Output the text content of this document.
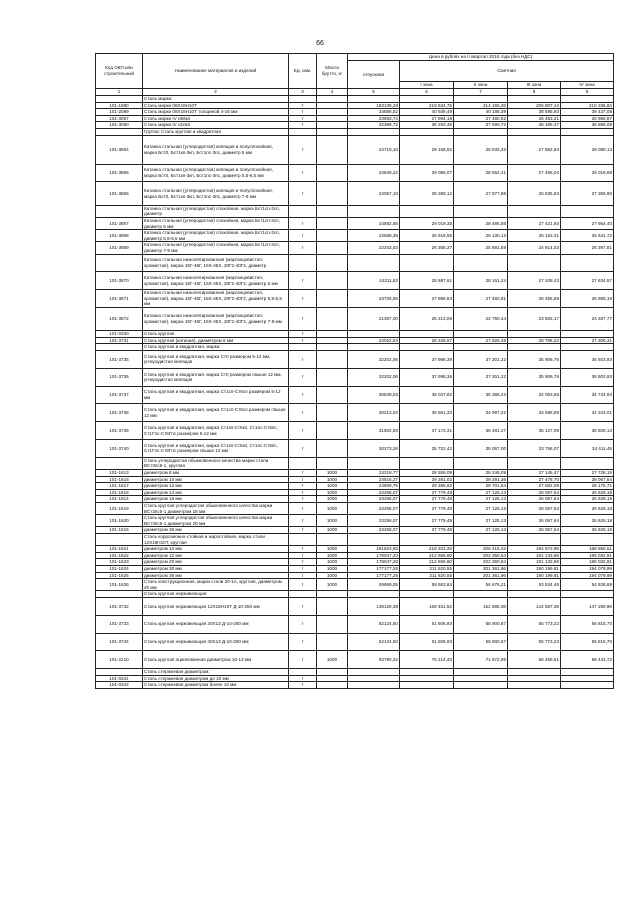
66
Код ОКП или строительный	Наименование материалов и изделий	Ед. изм.	Масса брутто, кг	Цена в рублях на II квартал 2016 года (без НДС)				
				отпускная	Сметная			
					I зона	II зона	III зона	IV зона
1	2	3	4	5	6	7	8	9
	Сталь марки:							
101-1890	Сталь марки 08Х18Н10Т	т		183139,28	219 534,75	214 155,26	205 807,14	210 336,84
101-2089	Сталь марки 08Х18Н10Т толщиной 4-16 мм	т		34686,52	40 939,49	40 186,39	38 595,93	39 437,08
101-3067	Сталь марки IV н56кп	т		23683,74	27 994,18	27 480,52	26 453,21	26 966,87
101-3090	Сталь марки IV н10кп	т		32389,72	38 293,35	37 590,72	36 185,47	36 888,09
	Группа: Сталь круглая и квадратная							
101-3864	Катанка стальная (углеродистая) кипящая и полуспокойная, марка Бст0, Бст1кп-3кп, Бст1пс-3пс, диаметр 5 мм	т		24719,10	29 168,52	28 633,33	27 562,94	28 098,13
101-3865	Катанка стальная (углеродистая) кипящая и полуспокойная, марка Бст0, Бст1кп-3кп, Бст1пс-3пс, диаметр 5,5-6,5 мм	т		24649,22	29 086,07	28 552,41	27 485,04	28 018,69
101-3866	Катанка стальная (углеродистая) кипящая и полуспокойная, марка Бст0, Бст1кп-3кп, Бст1пс-3пс, диаметр 7-9 мм	т		24067,10	28 399,12	27 877,98	26 835,83	27 356,90
	Катанка стальная (углеродистая) спокойная, марка Бст1сп-3сп, диаметр							
101-3867	Катанка стальная (углеродистая) спокойная, марка Бст1сп-3сп, диаметр 5 мм	т		24592,66	29 019,35	28 486,88	27 421,93	27 954,40
101-3868	Катанка стальная (углеродистая) спокойная, марка Бст1сп-3сп, диаметр 5,5-6,5 мм	т		22558,39	26 618,55	26 130,13	25 153,31	25 641,72
101-3869	Катанка стальная (углеродистая) спокойная, марка Бст1сп-3сп, диаметр 7-9 мм	т		22343,53	26 365,37	25 881,59	24 914,03	25 397,81
	Катанка стальная низколегированная (марганцовистая, хромистая), марка 15Г-45Г, 15Х-45Х, 20Г2-40Г2, диаметр							
101-3870	Катанка стальная низколегированная (марганцовистая, хромистая), марка 15Г-45Г, 15Х-45Х, 20Г2-40Г2, диаметр 5 мм	т		24311,53	28 687,61	28 161,24	27 108,43	27 634,87
101-3871	Катанка стальная низколегированная (марганцовистая, хромистая), марка 15Г-45Г, 15Х-45Х, 20Г2-40Г2, диаметр 5,5-6,5 мм	т		23725,95	27 996,63	27 482,91	26 455,55	26 969,19
101-3872	Катанка стальная низколегированная (марганцовистая, хромистая), марка 15Г-45Г, 15Х-45Х, 20Г2-40Г2, диаметр 7-9 мм	т		21367,00	25 213,09	24 750,44	23 825,17	24 287,77
101-0340	Сталь круглая	т						
101-3731	Сталь круглая (катаная), диаметром 8 мм	т		24022,54	28 346,57	27 826,48	26 786,22	27 306,31
	Сталь круглая и квадратная, марки:							
101-3735	Сталь круглая и квадратная, марка Ст0 размером 5-12 мм, углеродистая кипящая	т		32202,06	37 998,39	37 301,22	35 906,76	36 603,93
101-3736	Сталь круглая и квадратная, марка Ст0 размером свыше 12 мм, углеродистая кипящая	т		32202,06	37 998,39	37 301,22	35 906,76	36 603,93
101-3737	Сталь круглая и квадратная, марка Ст1сп-Ст6сп размером 5-12 мм	т		30549,03	36 047,82	35 386,43	34 063,66	34 724,94
101-3738	Сталь круглая и квадратная, марка Ст1сп-Ст6сп размером свыше 12 мм	т		30213,02	35 651,33	34 997,22	33 688,89	34 343,01
101-3739	Сталь круглая и квадратная, марка Ст1кп-Ст6кп, Ст1пс-Ст6пс, Ст1Гпс-Ст5Гпс размером 5-12 мм	т		31502,93	37 173,31	36 491,27	35 127,09	35 809,13
101-3740	Сталь круглая и квадратная, марка Ст1кп-Ст6кп, Ст1пс-Ст6пс, Ст1Гпс-Ст5Гпс размером свыше 12 мм	т		30273,26	35 722,42	35 067,00	33 756,07	34 411,48
	Сталь углеродистая обыкновенного качества марки стали ВСт3пс5-1, круглая							
101-1613	диаметром 8 мм	т	1000	24219,77	28 559,09	28 246,09	27 145,47	27 728,16
101-1616	диаметром 10 мм	т	1000	24515,27	29 281,02	29 291,36	27 478,70	28 067,54
101-1617	диаметром 12 мм	т	1000	24809,75	29 385,92	28 701,54	27 582,59	28 175,71
101-1618	диаметром 14 мм	т	1000	23258,07	27 779,48	27 125,13	26 067,64	26 628,18
101-1614	диаметром 16 мм	т	1000	23258,07	27 779,48	27 125,13	26 067,64	26 628,18
101-1619	Сталь круглая углеродистая обыкновенного качества марки ВСт3пс5-1 диаметром 18 мм	т	1000	23258,07	27 779,48	27 125,13	26 067,64	26 628,18
101-1620	Сталь круглая углеродистая обыкновенного качества марки ВСт3пс5-1 диаметром 20 мм	т	1000	23258,07	27 779,48	27 125,13	26 067,64	26 628,18
101-1615	диаметром 36 мм	т	1000	23258,07	27 779,48	27 125,13	26 067,64	26 628,18
	Сталь коррозионно-стойкая и жаростойкая, марка стали 12Х18Н10Т, круглая							
101-1621	диаметром 10 мм	т	1000	181623,60	218 331,26	206 415,22	194 972,96	198 950,51
101-1622	диаметром 12 мм	т	1000	178047,20	212 659,60	202 350,64	191 133,69	195 032,91
101-1623	диаметром 20 мм	т	1000	178047,20	212 659,60	202 350,64	191 133,69	195 032,91
101-1624	диаметром 30 мм	т	1000	177177,26	211 620,55	201 361,96	190 199,81	194 079,99
101-1625	диаметром 36 мм	т	1000	177177,26	211 620,55	201 361,96	190 199,81	194 079,99
101-1626	Сталь конструкционная, марки стали 20-1А, круглая, диаметром 20 мм	т	1000	49869,05	59 563,64	56 676,21	53 534,46	54 626,69
	Сталь круглая нержавеющая:							
101-3732	Сталь круглая нержавеющая 12Х18Н10Т Д-10-250 мм	т		135126,39	159 451,52	152 695,08	144 587,39	147 289,96
101-3733	Сталь круглая нержавеющая 20Х13 Д-10-250 мм	т		52124,50	61 506,93	58 900,67	55 773,23	56 815,70
101-3734	Сталь круглая нержавеющая 40Х13 Д-10-250 мм	т		52124,50	61 506,93	58 900,67	55 773,23	56 815,70
101-2210	Сталь круглая оцинкованная диаметром 10-12 мм	т	1000	63790,32	76 214,40	71 672,96	66 469,51	68 443,72
	Сталь стержневая диаметром:							
101-0341	Сталь стержневая диаметром до 10 мм	т						
101-0342	Сталь стержневая диаметром более 10 мм	т						
